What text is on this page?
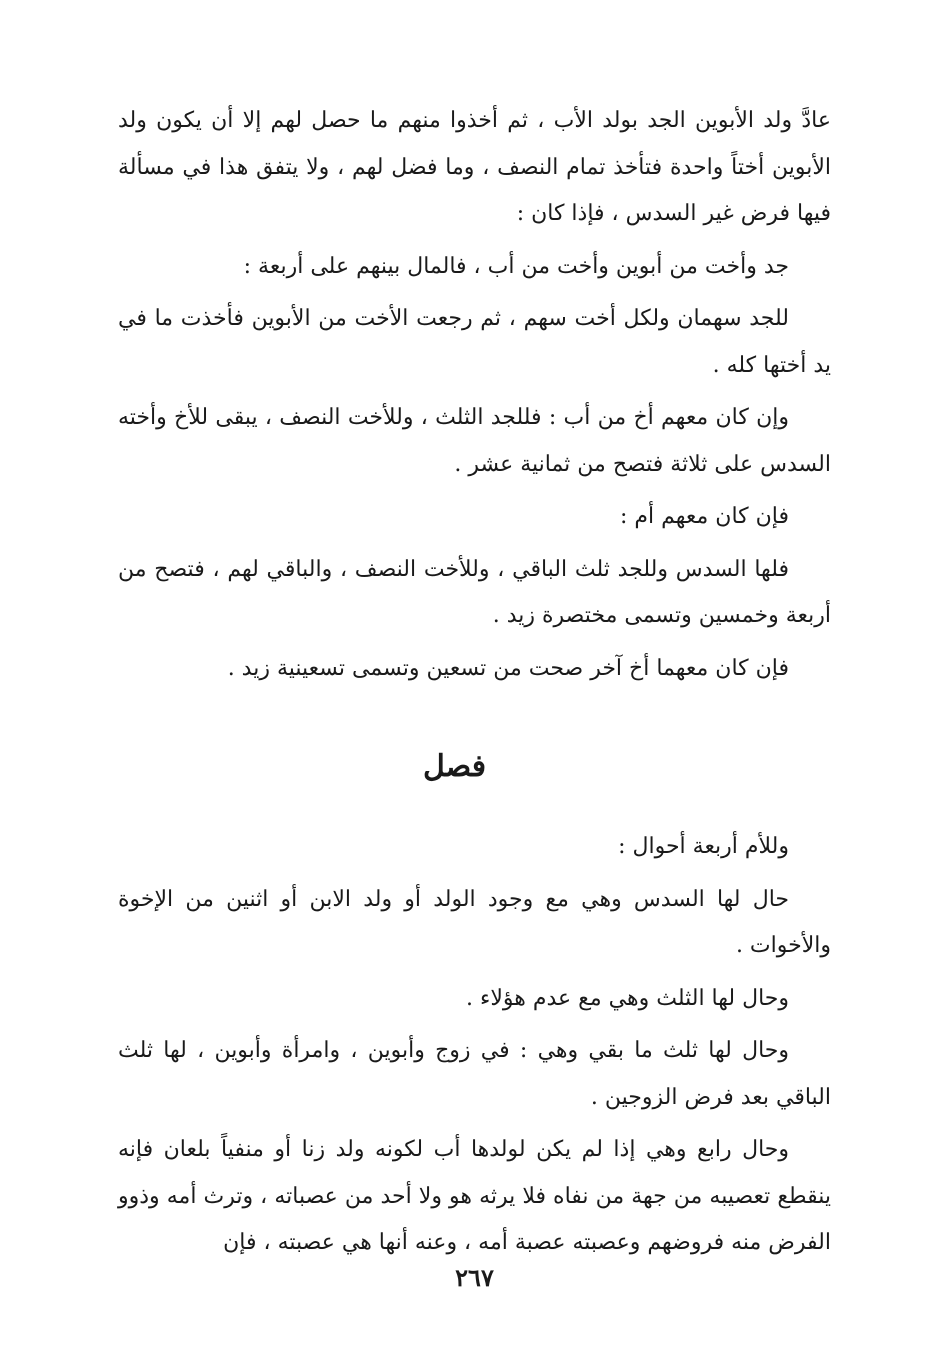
عادَّ ولد الأبوين الجد بولد الأب ، ثم أخذوا منهم ما حصل لهم إلا أن يكون ولد الأبوين أختاً واحدة فتأخذ تمام النصف ، وما فضل لهم ، ولا يتفق هذا في مسألة فيها فرض غير السدس ، فإذا كان :

جد وأخت من أبوين وأخت من أب ، فالمال بينهم على أربعة :

للجد سهمان ولكل أخت سهم ، ثم رجعت الأخت من الأبوين فأخذت ما في يد أختها كله .

وإن كان معهم أخ من أب : فللجد الثلث ، وللأخت النصف ، يبقى للأخ وأخته السدس على ثلاثة فتصح من ثمانية عشر .

فإن كان معهم أم :

فلها السدس وللجد ثلث الباقي ، وللأخت النصف ، والباقي لهم ، فتصح من أربعة وخمسين وتسمى مختصرة زيد .

فإن كان معهما أخ آخر صحت من تسعين وتسمى تسعينية زيد .

فصل

وللأم أربعة أحوال :

حال لها السدس وهي مع وجود الولد أو ولد الابن أو اثنين من الإخوة والأخوات .

وحال لها الثلث وهي مع عدم هؤلاء .

وحال لها ثلث ما بقي وهي : في زوج وأبوين ، وامرأة وأبوين ، لها ثلث الباقي بعد فرض الزوجين .

وحال رابع وهي إذا لم يكن لولدها أب لكونه ولد زنا أو منفياً بلعان فإنه ينقطع تعصيبه من جهة من نفاه فلا يرثه هو ولا أحد من عصباته ، وترث أمه وذوو الفرض منه فروضهم وعصبته عصبة أمه ، وعنه أنها هي عصبته ، فإن

٢٦٧
